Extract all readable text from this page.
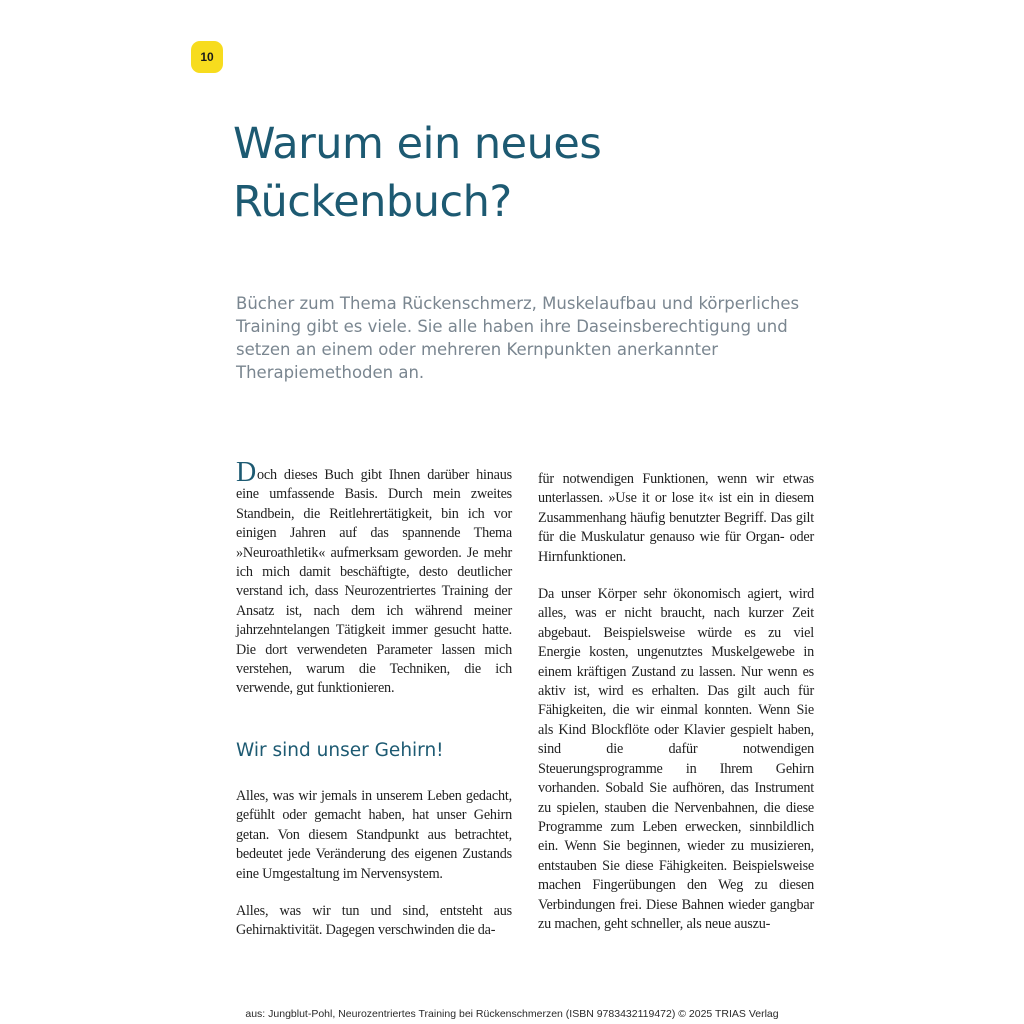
10
Warum ein neues
Rückenbuch?

Bücher zum Thema Rückenschmerz, Muskelaufbau und körperliches Training gibt es viele. Sie alle haben ihre Daseinsberechtigung und setzen an einem oder mehreren Kernpunkten anerkannter Therapiemethoden an.

Doch dieses Buch gibt Ihnen darüber hinaus eine umfassende Basis. Durch mein zweites Standbein, die Reitlehrertätigkeit, bin ich vor einigen Jahren auf das spannende Thema »Neuroathletik« aufmerksam geworden. Je mehr ich mich damit beschäftigte, desto deutlicher verstand ich, dass Neurozentriertes Training der Ansatz ist, nach dem ich während meiner jahrzehntelangen Tätigkeit immer gesucht hatte. Die dort verwendeten Parameter lassen mich verstehen, warum die Techniken, die ich verwende, gut funktionieren.

Wir sind unser Gehirn!

Alles, was wir jemals in unserem Leben gedacht, gefühlt oder gemacht haben, hat unser Gehirn getan. Von diesem Standpunkt aus betrachtet, bedeutet jede Veränderung des eigenen Zustands eine Umgestaltung im Nervensystem.

Alles, was wir tun und sind, entsteht aus Gehirnaktivität. Dagegen verschwinden die da-

für notwendigen Funktionen, wenn wir etwas unterlassen. »Use it or lose it« ist ein in diesem Zusammenhang häufig benutzter Begriff. Das gilt für die Muskulatur genauso wie für Organ- oder Hirnfunktionen.

Da unser Körper sehr ökonomisch agiert, wird alles, was er nicht braucht, nach kurzer Zeit abgebaut. Beispielsweise würde es zu viel Energie kosten, ungenutztes Muskelgewebe in einem kräftigen Zustand zu lassen. Nur wenn es aktiv ist, wird es erhalten. Das gilt auch für Fähigkeiten, die wir einmal konnten. Wenn Sie als Kind Blockflöte oder Klavier gespielt haben, sind die dafür notwendigen Steuerungsprogramme in Ihrem Gehirn vorhanden. Sobald Sie aufhören, das Instrument zu spielen, stauben die Nervenbahnen, die diese Programme zum Leben erwecken, sinnbildlich ein. Wenn Sie beginnen, wieder zu musizieren, entstauben Sie diese Fähigkeiten. Beispielsweise machen Fingerübungen den Weg zu diesen Verbindungen frei. Diese Bahnen wieder gangbar zu machen, geht schneller, als neue auszu-

aus: Jungblut-Pohl, Neurozentriertes Training bei Rückenschmerzen (ISBN 9783432119472) © 2025 TRIAS Verlag
